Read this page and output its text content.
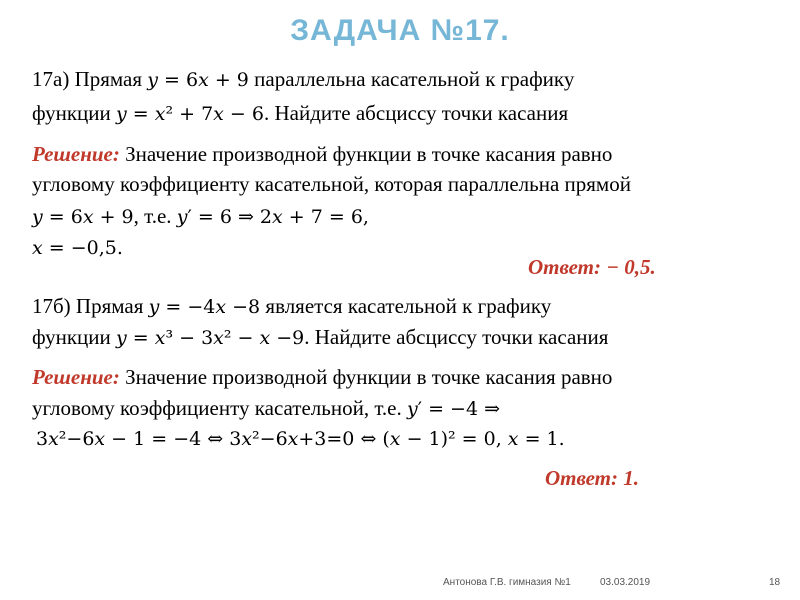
ЗАДАЧА №17.
17а) Прямая 𝑦 = 6𝑥 + 9 параллельна касательной к графику
функции 𝑦 = 𝑥² + 7𝑥 − 6. Найдите абсциссу точки касания
Решение: Значение производной функции в точке касания равно
угловому коэффициенту касательной, которая параллельна прямой
𝑦 = 6𝑥 + 9, т.е. 𝑦′ = 6 ⇒ 2𝑥 + 7 = 6,
𝑥 = −0,5.
Ответ: − 0,5.
17б) Прямая 𝑦 = −4𝑥 −8 является касательной к графику
функции 𝑦 = 𝑥³ − 3𝑥² − 𝑥 −9. Найдите абсциссу точки касания
Решение: Значение производной функции в точке касания равно
угловому коэффициенту касательной, т.е. 𝑦′ = −4 ⇒
3𝑥²−6𝑥 − 1 = −4 ⇔ 3𝑥²−6𝑥+3=0 ⇔ (𝑥 − 1)² = 0, 𝑥 = 1.
Ответ: 1.
Антонова Г.В. гимназия №1	03.03.2019	18
